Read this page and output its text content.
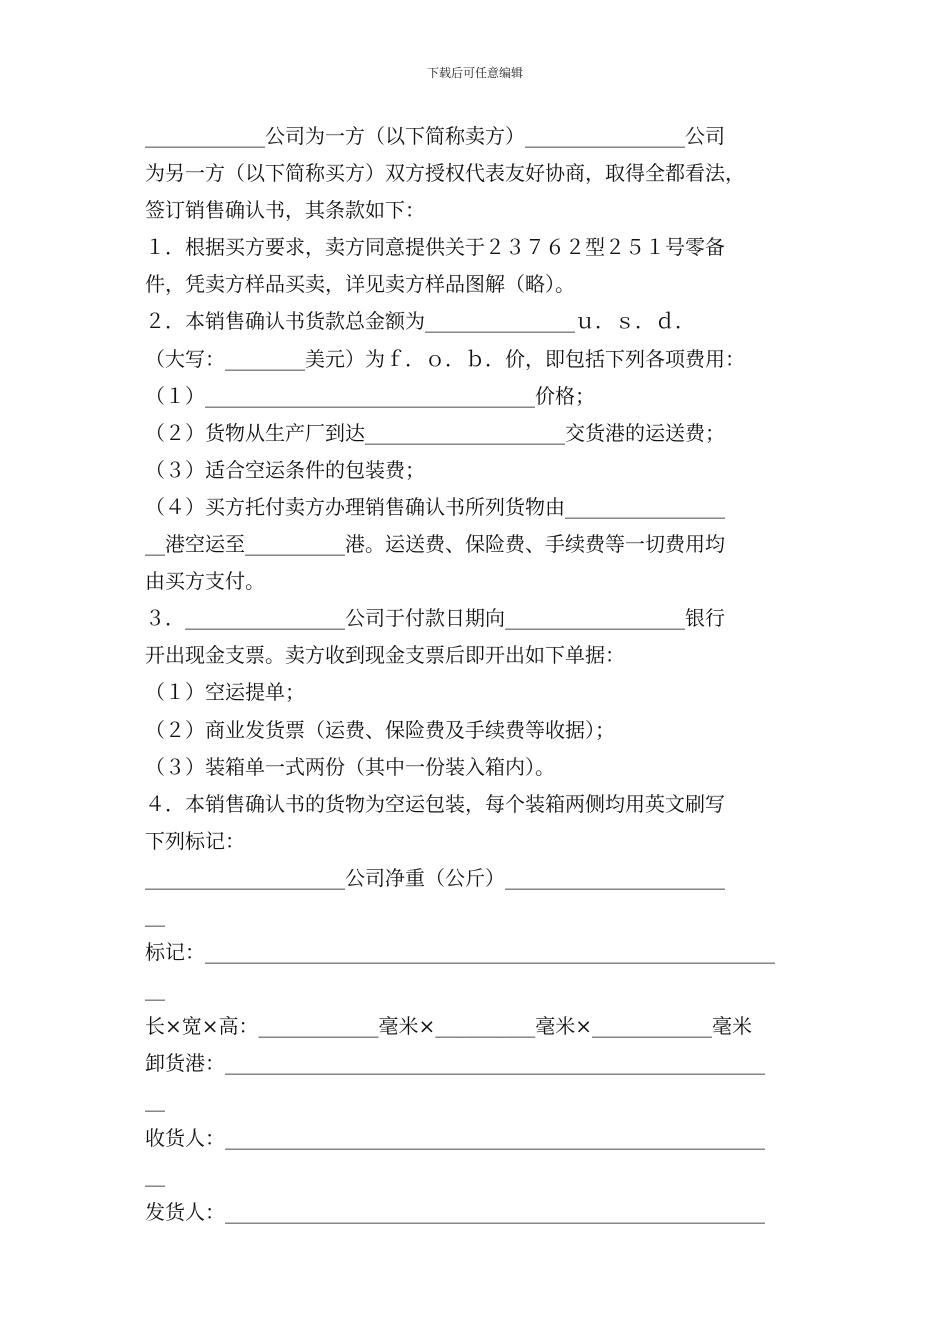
下载后可任意编辑
____________公司为一方（以下简称卖方）________________公司
为另一方（以下简称买方）双方授权代表友好协商，取得全都看法，
签订销售确认书，其条款如下：
１．根据买方要求，卖方同意提供关于２３７６２型２５１号零备
件，凭卖方样品买卖，详见卖方样品图解（略）。
２．本销售确认书货款总金额为_______________ｕ．ｓ．ｄ．
（大写：________美元）为ｆ．ｏ．ｂ．价，即包括下列各项费用：
（１）_________________________________价格；
（２）货物从生产厂到达____________________交货港的运送费；
（３）适合空运条件的包装费；
（４）买方托付卖方办理销售确认书所列货物由________________
__港空运至__________港。运送费、保险费、手续费等一切费用均
由买方支付。
３．________________公司于付款日期向__________________银行
开出现金支票。卖方收到现金支票后即开出如下单据：
（１）空运提单；
（２）商业发货票（运费、保险费及手续费等收据）；
（３）装箱单一式两份（其中一份装入箱内）。
４．本销售确认书的货物为空运包装，每个装箱两侧均用英文刷写
下列标记：
____________________公司净重（公斤）______________________
__
标记：_________________________________________________________
__
长×宽×高：____________毫米×__________毫米×____________毫米
卸货港：______________________________________________________
__
收货人：______________________________________________________
__
发货人：______________________________________________________
